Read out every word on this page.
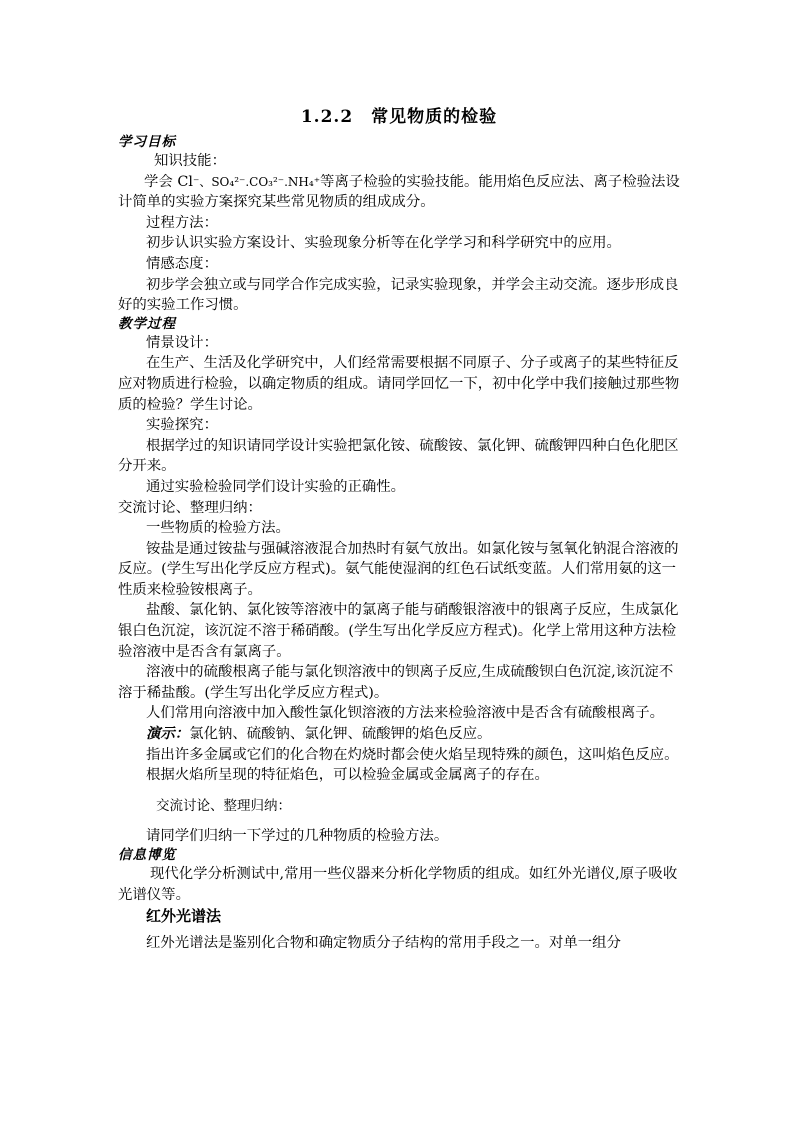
1.2.2　常见物质的检验

学习目标

知识技能：

学会 Cl⁻、SO₄²⁻.CO₃²⁻.NH₄⁺等离子检验的实验技能。能用焰色反应法、离子检验法设计简单的实验方案探究某些常见物质的组成成分。

过程方法：

初步认识实验方案设计、实验现象分析等在化学学习和科学研究中的应用。

情感态度：

初步学会独立或与同学合作完成实验，记录实验现象，并学会主动交流。逐步形成良好的实验工作习惯。

教学过程

情景设计：

在生产、生活及化学研究中，人们经常需要根据不同原子、分子或离子的某些特征反应对物质进行检验，以确定物质的组成。请同学回忆一下，初中化学中我们接触过那些物质的检验？学生讨论。

实验探究：

根据学过的知识请同学设计实验把氯化铵、硫酸铵、氯化钾、硫酸钾四种白色化肥区分开来。

通过实验检验同学们设计实验的正确性。

交流讨论、整理归纳：

一些物质的检验方法。

铵盐是通过铵盐与强碱溶液混合加热时有氨气放出。如氯化铵与氢氧化钠混合溶液的反应。(学生写出化学反应方程式)。氨气能使湿润的红色石试纸变蓝。人们常用氨的这一性质来检验铵根离子。

盐酸、氯化钠、氯化铵等溶液中的氯离子能与硝酸银溶液中的银离子反应，生成氯化银白色沉淀，该沉淀不溶于稀硝酸。(学生写出化学反应方程式)。化学上常用这种方法检验溶液中是否含有氯离子。

溶液中的硫酸根离子能与氯化钡溶液中的钡离子反应,生成硫酸钡白色沉淀,该沉淀不溶于稀盐酸。(学生写出化学反应方程式)。

人们常用向溶液中加入酸性氯化钡溶液的方法来检验溶液中是否含有硫酸根离子。

演示：氯化钠、硫酸钠、氯化钾、硫酸钾的焰色反应。

指出许多金属或它们的化合物在灼烧时都会使火焰呈现特殊的颜色，这叫焰色反应。

根据火焰所呈现的特征焰色，可以检验金属或金属离子的存在。

交流讨论、整理归纳：

请同学们归纳一下学过的几种物质的检验方法。

信息博览

现代化学分析测试中,常用一些仪器来分析化学物质的组成。如红外光谱仪,原子吸收光谱仪等。

红外光谱法

红外光谱法是鉴别化合物和确定物质分子结构的常用手段之一。对单一组分
